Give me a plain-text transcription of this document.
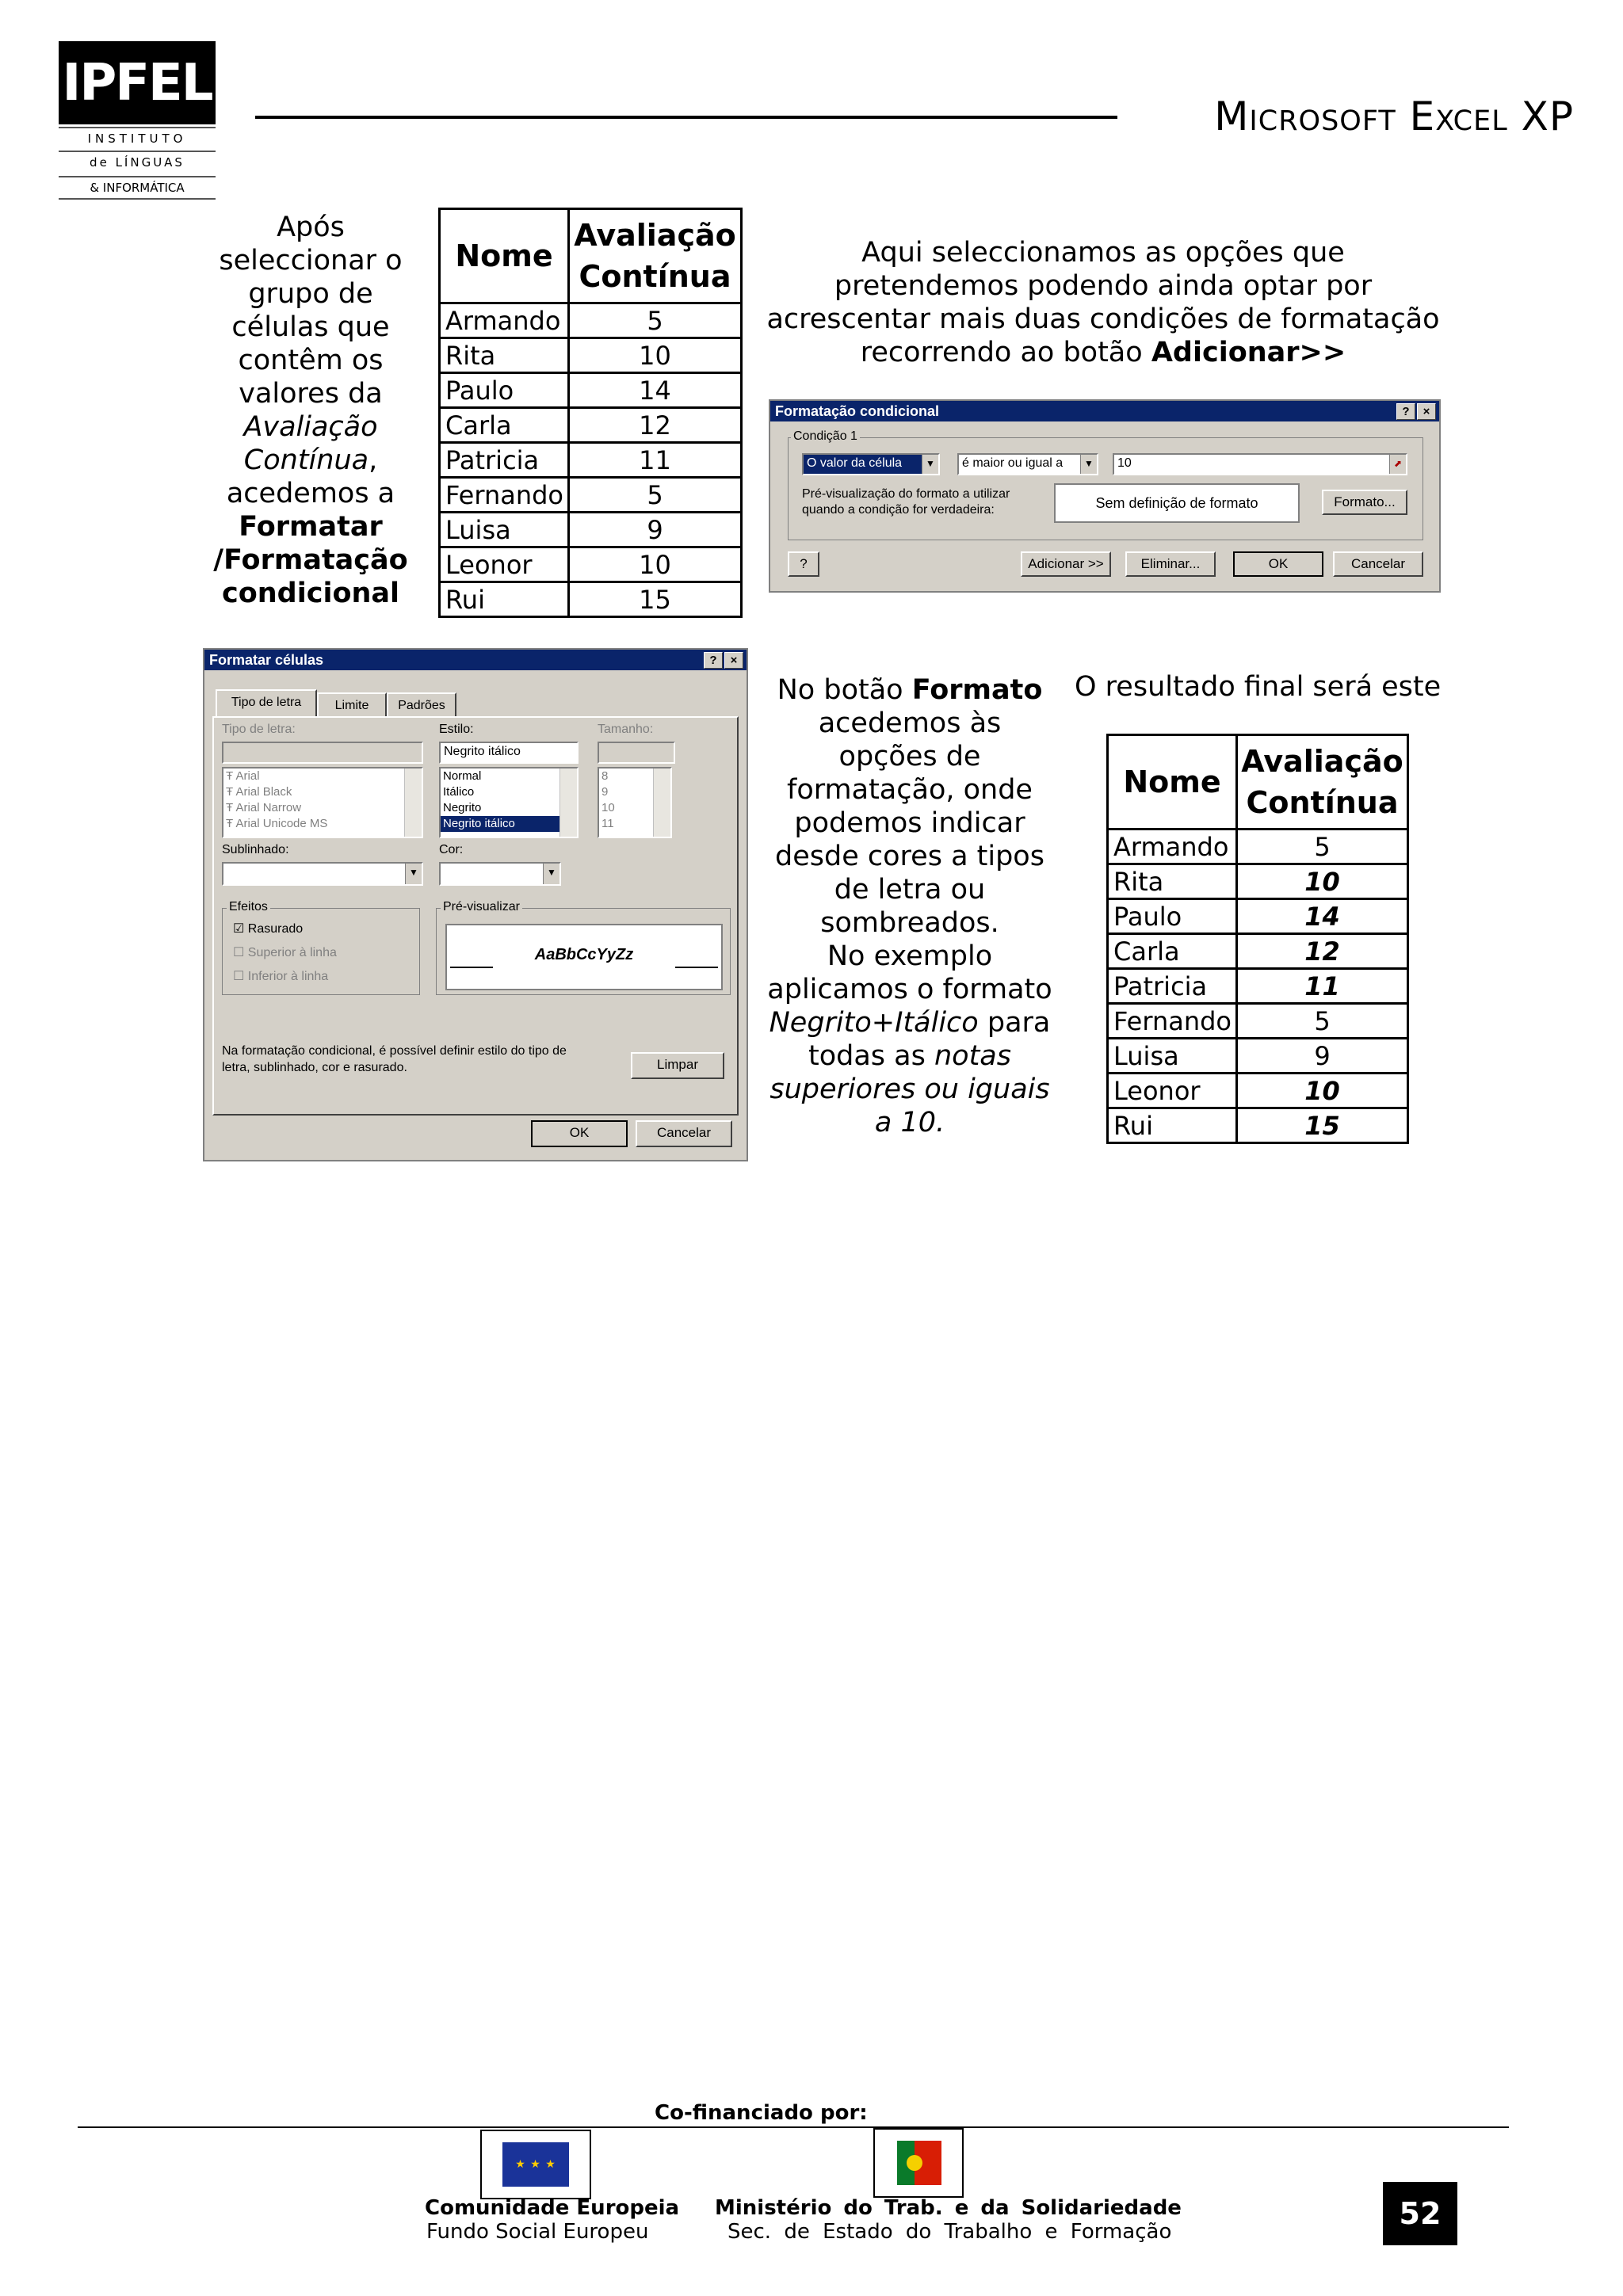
IPFEL
INSTITUTO
de LÍNGUAS
& INFORMÁTICA
Microsoft Excel XP
Após seleccionar o grupo de células que contêm os valores da Avaliação Contínua, acedemos a Formatar /Formatação condicional
Nome	Avaliação Contínua
Armando	5
Rita	10
Paulo	14
Carla	12
Patricia	11
Fernando	5
Luisa	9
Leonor	10
Rui	15
Aqui seleccionamos as opções que pretendemos podendo ainda optar por acrescentar mais duas condições de formatação recorrendo ao botão Adicionar>>
Formatação condicional	?	×
Condição 1
O valor da célula	▼	é maior ou igual a	▼	10	⬈
Pré-visualização do formato a utilizar quando a condição for verdadeira:	Sem definição de formato	Formato...
?	Adicionar >>	Eliminar...	OK	Cancelar
Formatar células	?	×
Tipo de letra	Limite	Padrões
Tipo de letra:	Estilo:	Tamanho:
Negrito itálico
Ŧ Arial
Ŧ Arial Black
Ŧ Arial Narrow
Ŧ Arial Unicode MS
Normal
Itálico
Negrito
Negrito itálico
8
9
10
11
Sublinhado:	Cor:
▼	▼
Efeitos
☑ Rasurado
☐ Superior à linha
☐ Inferior à linha
Pré-visualizar
AaBbCcYyZz
Na formatação condicional, é possível definir estilo do tipo de letra, sublinhado, cor e rasurado.	Limpar
OK	Cancelar
No botão Formato acedemos às opções de formatação, onde podemos indicar desde cores a tipos de letra ou sombreados.
No exemplo aplicamos o formato Negrito+Itálico para todas as notas superiores ou iguais a 10.
O resultado final será este
Nome	Avaliação Contínua
Armando	5
Rita	10
Paulo	14
Carla	12
Patricia	11
Fernando	5
Luisa	9
Leonor	10
Rui	15
Co-financiado por:
★ ★ ★
Comunidade Europeia
Fundo Social Europeu
Ministério do Trab. e da Solidariedade
Sec. de Estado do Trabalho e Formação
52
